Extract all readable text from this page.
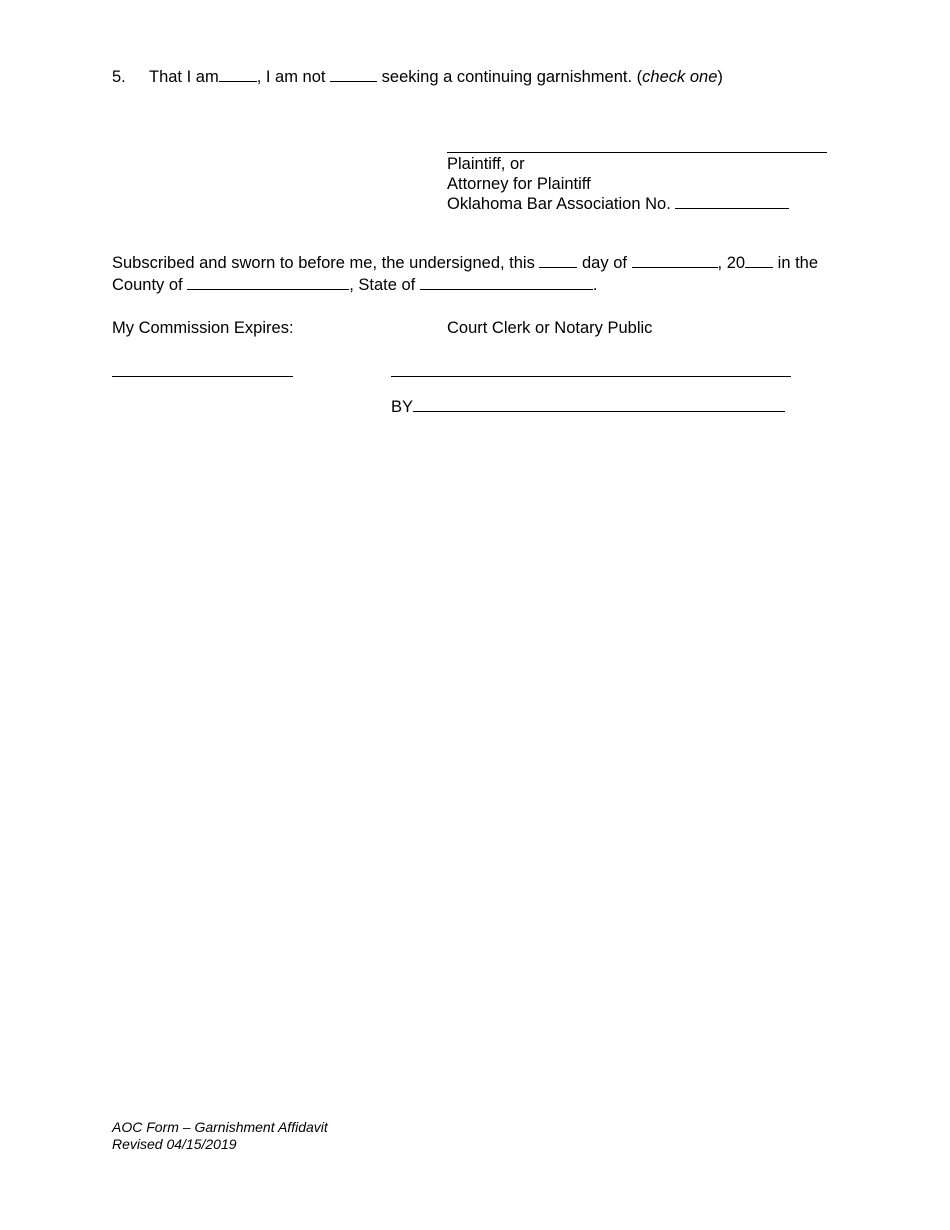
5. That I am , I am not	seeking a continuing garnishment. (check one)
Plaintiff, or
Attorney for Plaintiff
Oklahoma Bar Association No.
Subscribed and sworn to before me, the undersigned, this  day of	, 20 in the
County of	, State of	.
My Commission Expires:	Court Clerk or Notary Public
BY
AOC Form – Garnishment Affidavit
Revised 04/15/2019
